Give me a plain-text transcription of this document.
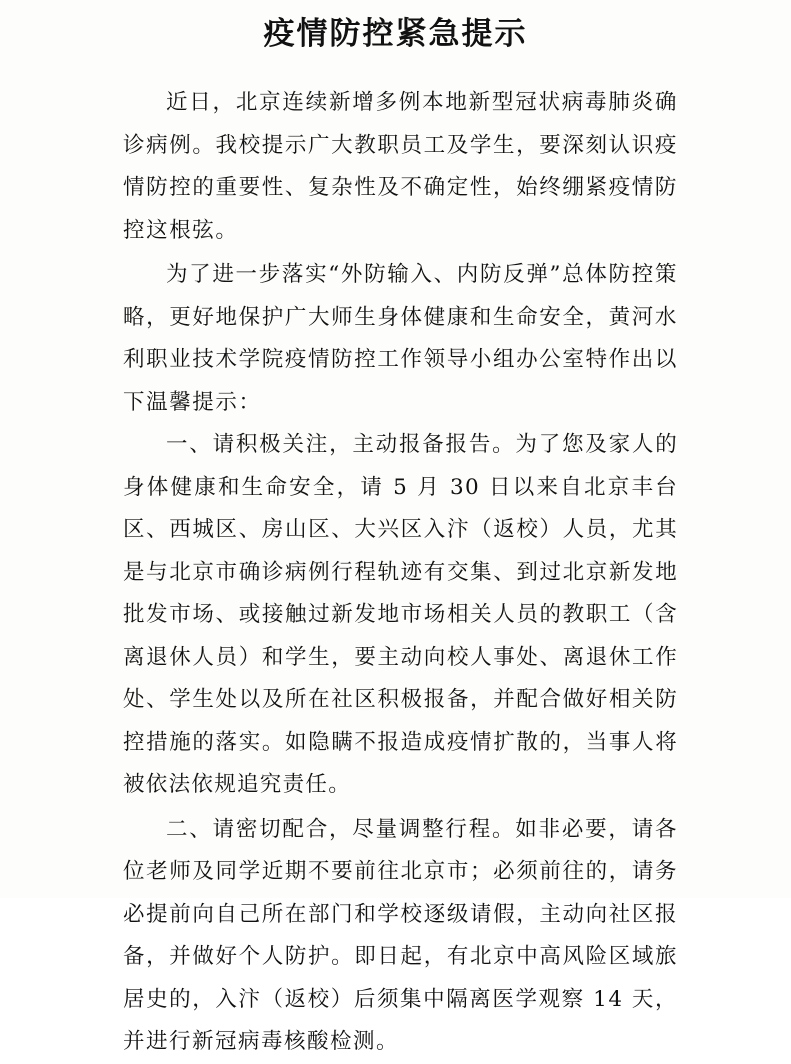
疫情防控紧急提示

近日，北京连续新增多例本地新型冠状病毒肺炎确诊病例。我校提示广大教职员工及学生，要深刻认识疫情防控的重要性、复杂性及不确定性，始终绷紧疫情防控这根弦。

为了进一步落实“外防输入、内防反弹”总体防控策略，更好地保护广大师生身体健康和生命安全，黄河水利职业技术学院疫情防控工作领导小组办公室特作出以下温馨提示：

一、请积极关注，主动报备报告。为了您及家人的身体健康和生命安全，请 5 月 30 日以来自北京丰台区、西城区、房山区、大兴区入汴（返校）人员，尤其是与北京市确诊病例行程轨迹有交集、到过北京新发地批发市场、或接触过新发地市场相关人员的教职工（含离退休人员）和学生，要主动向校人事处、离退休工作处、学生处以及所在社区积极报备，并配合做好相关防控措施的落实。如隐瞒不报造成疫情扩散的，当事人将被依法依规追究责任。

二、请密切配合，尽量调整行程。如非必要，请各位老师及同学近期不要前往北京市；必须前往的，请务必提前向自己所在部门和学校逐级请假，主动向社区报备，并做好个人防护。即日起，有北京中高风险区域旅居史的，入汴（返校）后须集中隔离医学观察 14 天，并进行新冠病毒核酸检测。
